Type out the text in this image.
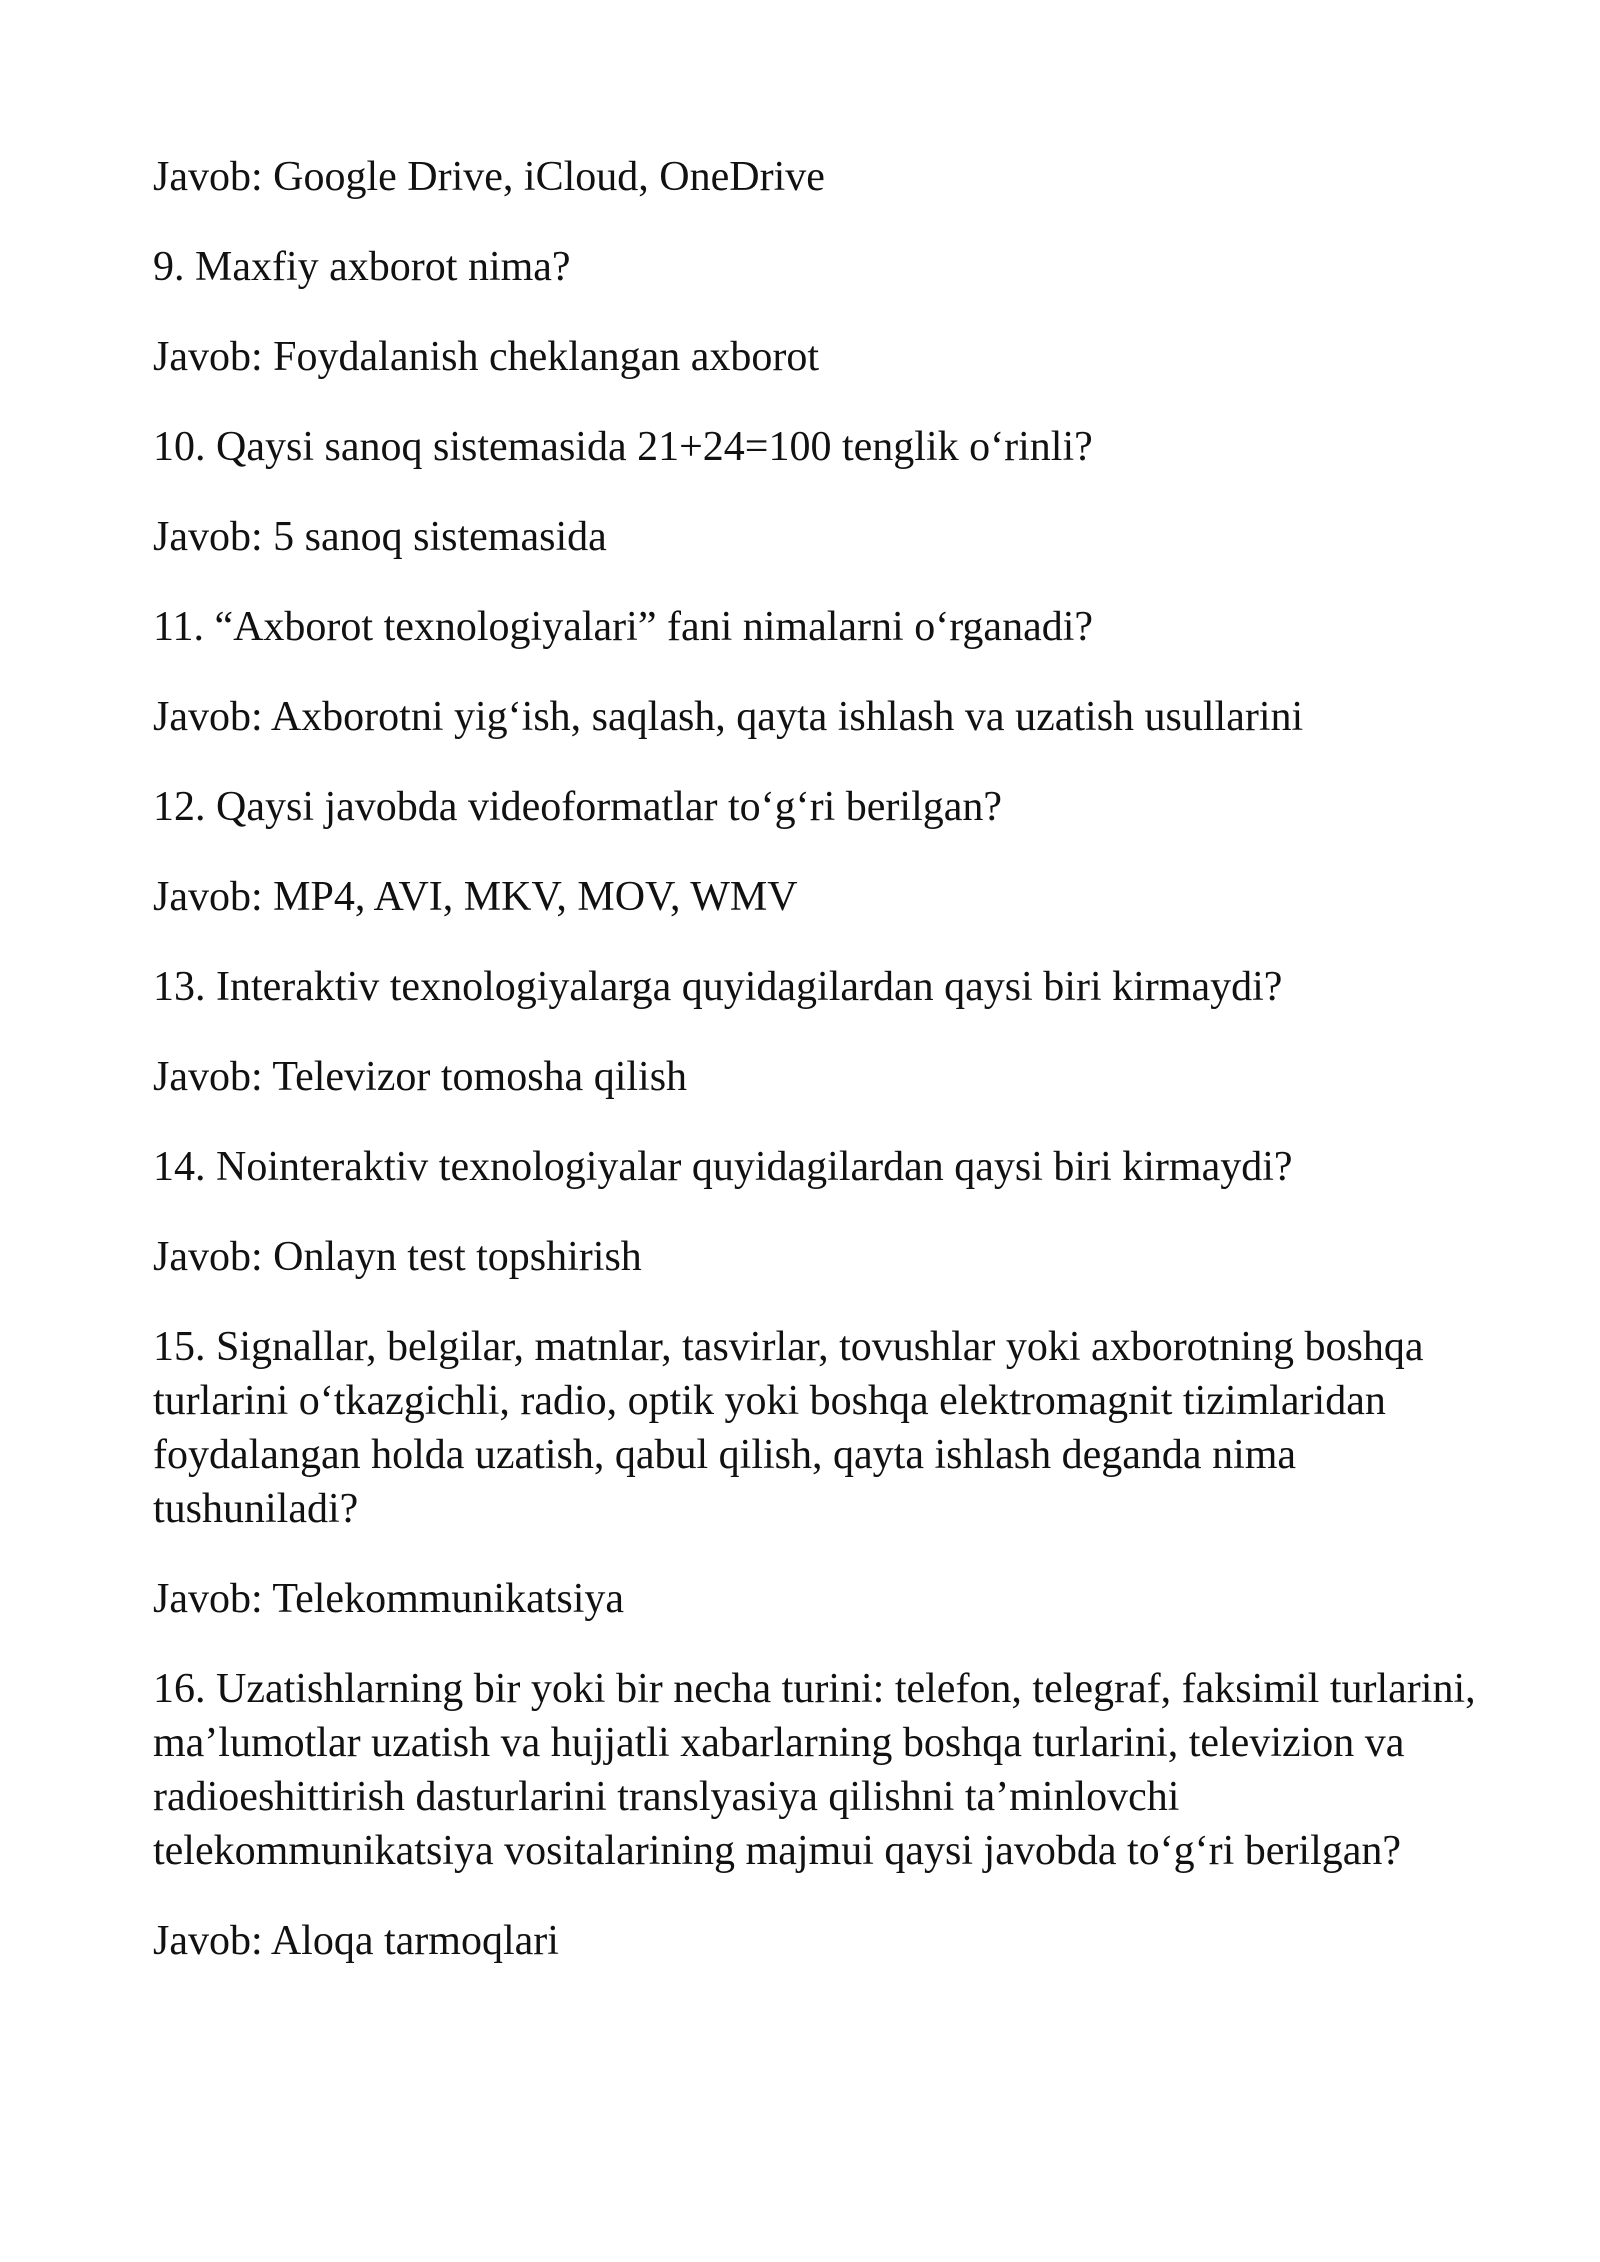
Javob: Google Drive, iCloud, OneDrive

9. Maxfiy axborot nima?

Javob: Foydalanish cheklangan axborot

10. Qaysi sanoq sistemasida 21+24=100 tenglik o‘rinli?

Javob: 5 sanoq sistemasida

11. “Axborot texnologiyalari” fani nimalarni o‘rganadi?

Javob: Axborotni yig‘ish, saqlash, qayta ishlash va uzatish usullarini

12. Qaysi javobda videoformatlar to‘g‘ri berilgan?

Javob: MP4, AVI, MKV, MOV, WMV

13. Interaktiv texnologiyalarga quyidagilardan qaysi biri kirmaydi?

Javob: Televizor tomosha qilish

14. Nointeraktiv texnologiyalar quyidagilardan qaysi biri kirmaydi?

Javob: Onlayn test topshirish

15. Signallar, belgilar, matnlar, tasvirlar, tovushlar yoki axborotning boshqa turlarini o‘tkazgichli, radio, optik yoki boshqa elektromagnit tizimlaridan foydalangan holda uzatish, qabul qilish, qayta ishlash deganda nima tushuniladi?

Javob: Telekommunikatsiya

16. Uzatishlarning bir yoki bir necha turini: telefon, telegraf, faksimil turlarini, ma’lumotlar uzatish va hujjatli xabarlarning boshqa turlarini, televizion va radioeshittirish dasturlarini translyasiya qilishni ta’minlovchi telekommunikatsiya vositalarining majmui qaysi javobda to‘g‘ri berilgan?

Javob: Aloqa tarmoqlari
